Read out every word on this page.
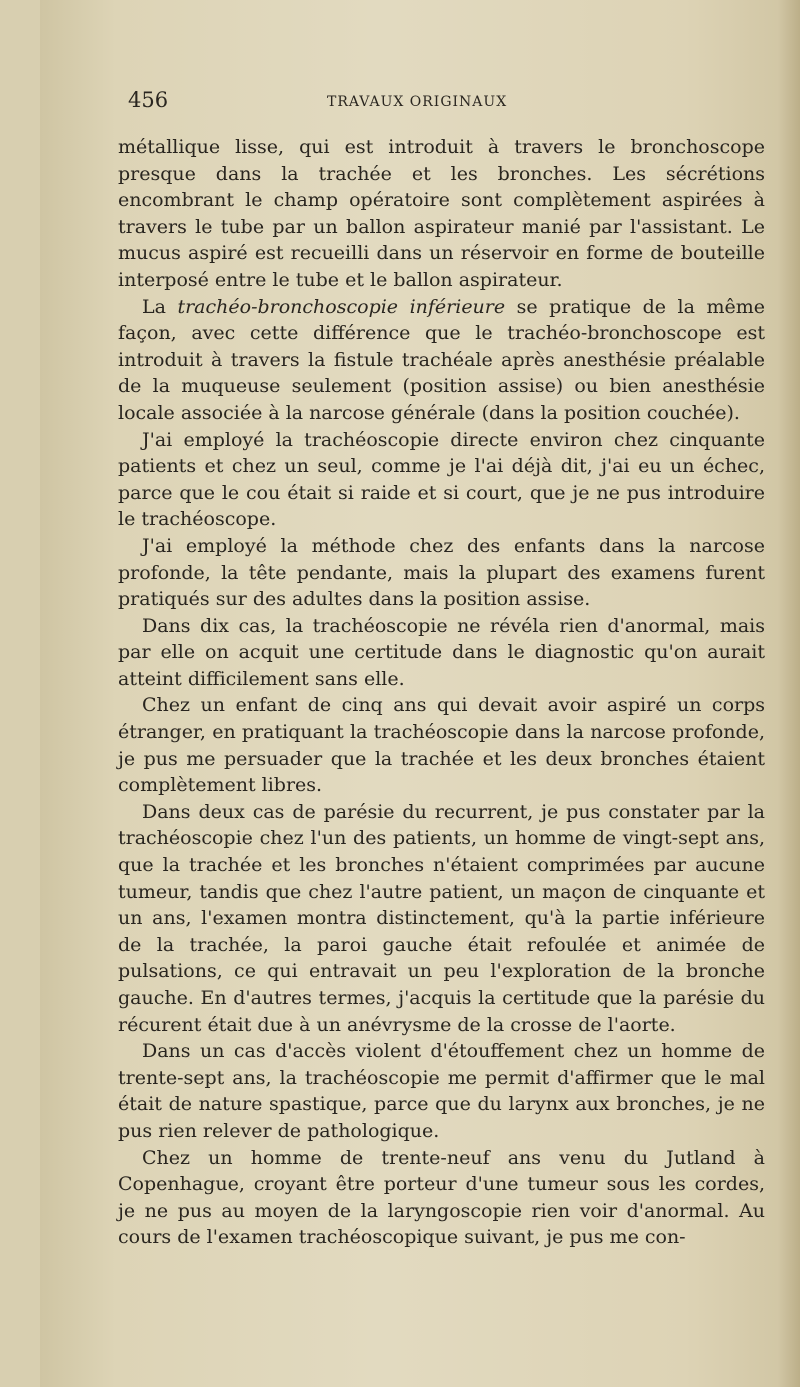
456	TRAVAUX ORIGINAUX

métallique lisse, qui est introduit à travers le bronchoscope presque dans la trachée et les bronches. Les sécrétions encombrant le champ opératoire sont complètement aspirées à travers le tube par un ballon aspirateur manié par l'assistant. Le mucus aspiré est recueilli dans un réservoir en forme de bouteille interposé entre le tube et le ballon aspirateur.

La trachéo-bronchoscopie inférieure se pratique de la même façon, avec cette différence que le trachéo-bronchoscope est introduit à travers la fistule trachéale après anesthésie préalable de la muqueuse seulement (position assise) ou bien anesthésie locale associée à la narcose générale (dans la position couchée).

J'ai employé la trachéoscopie directe environ chez cinquante patients et chez un seul, comme je l'ai déjà dit, j'ai eu un échec, parce que le cou était si raide et si court, que je ne pus introduire le trachéoscope.

J'ai employé la méthode chez des enfants dans la narcose profonde, la tête pendante, mais la plupart des examens furent pratiqués sur des adultes dans la position assise.

Dans dix cas, la trachéoscopie ne révéla rien d'anormal, mais par elle on acquit une certitude dans le diagnostic qu'on aurait atteint difficilement sans elle.

Chez un enfant de cinq ans qui devait avoir aspiré un corps étranger, en pratiquant la trachéoscopie dans la narcose profonde, je pus me persuader que la trachée et les deux bronches étaient complètement libres.

Dans deux cas de parésie du recurrent, je pus constater par la trachéoscopie chez l'un des patients, un homme de vingt-sept ans, que la trachée et les bronches n'étaient comprimées par aucune tumeur, tandis que chez l'autre patient, un maçon de cinquante et un ans, l'examen montra distinctement, qu'à la partie inférieure de la trachée, la paroi gauche était refoulée et animée de pulsations, ce qui entravait un peu l'exploration de la bronche gauche. En d'autres termes, j'acquis la certitude que la parésie du récurent était due à un anévrysme de la crosse de l'aorte.

Dans un cas d'accès violent d'étouffement chez un homme de trente-sept ans, la trachéoscopie me permit d'affirmer que le mal était de nature spastique, parce que du larynx aux bronches, je ne pus rien relever de pathologique.

Chez un homme de trente-neuf ans venu du Jutland à Copenhague, croyant être porteur d'une tumeur sous les cordes, je ne pus au moyen de la laryngoscopie rien voir d'anormal. Au cours de l'examen trachéoscopique suivant, je pus me con-
